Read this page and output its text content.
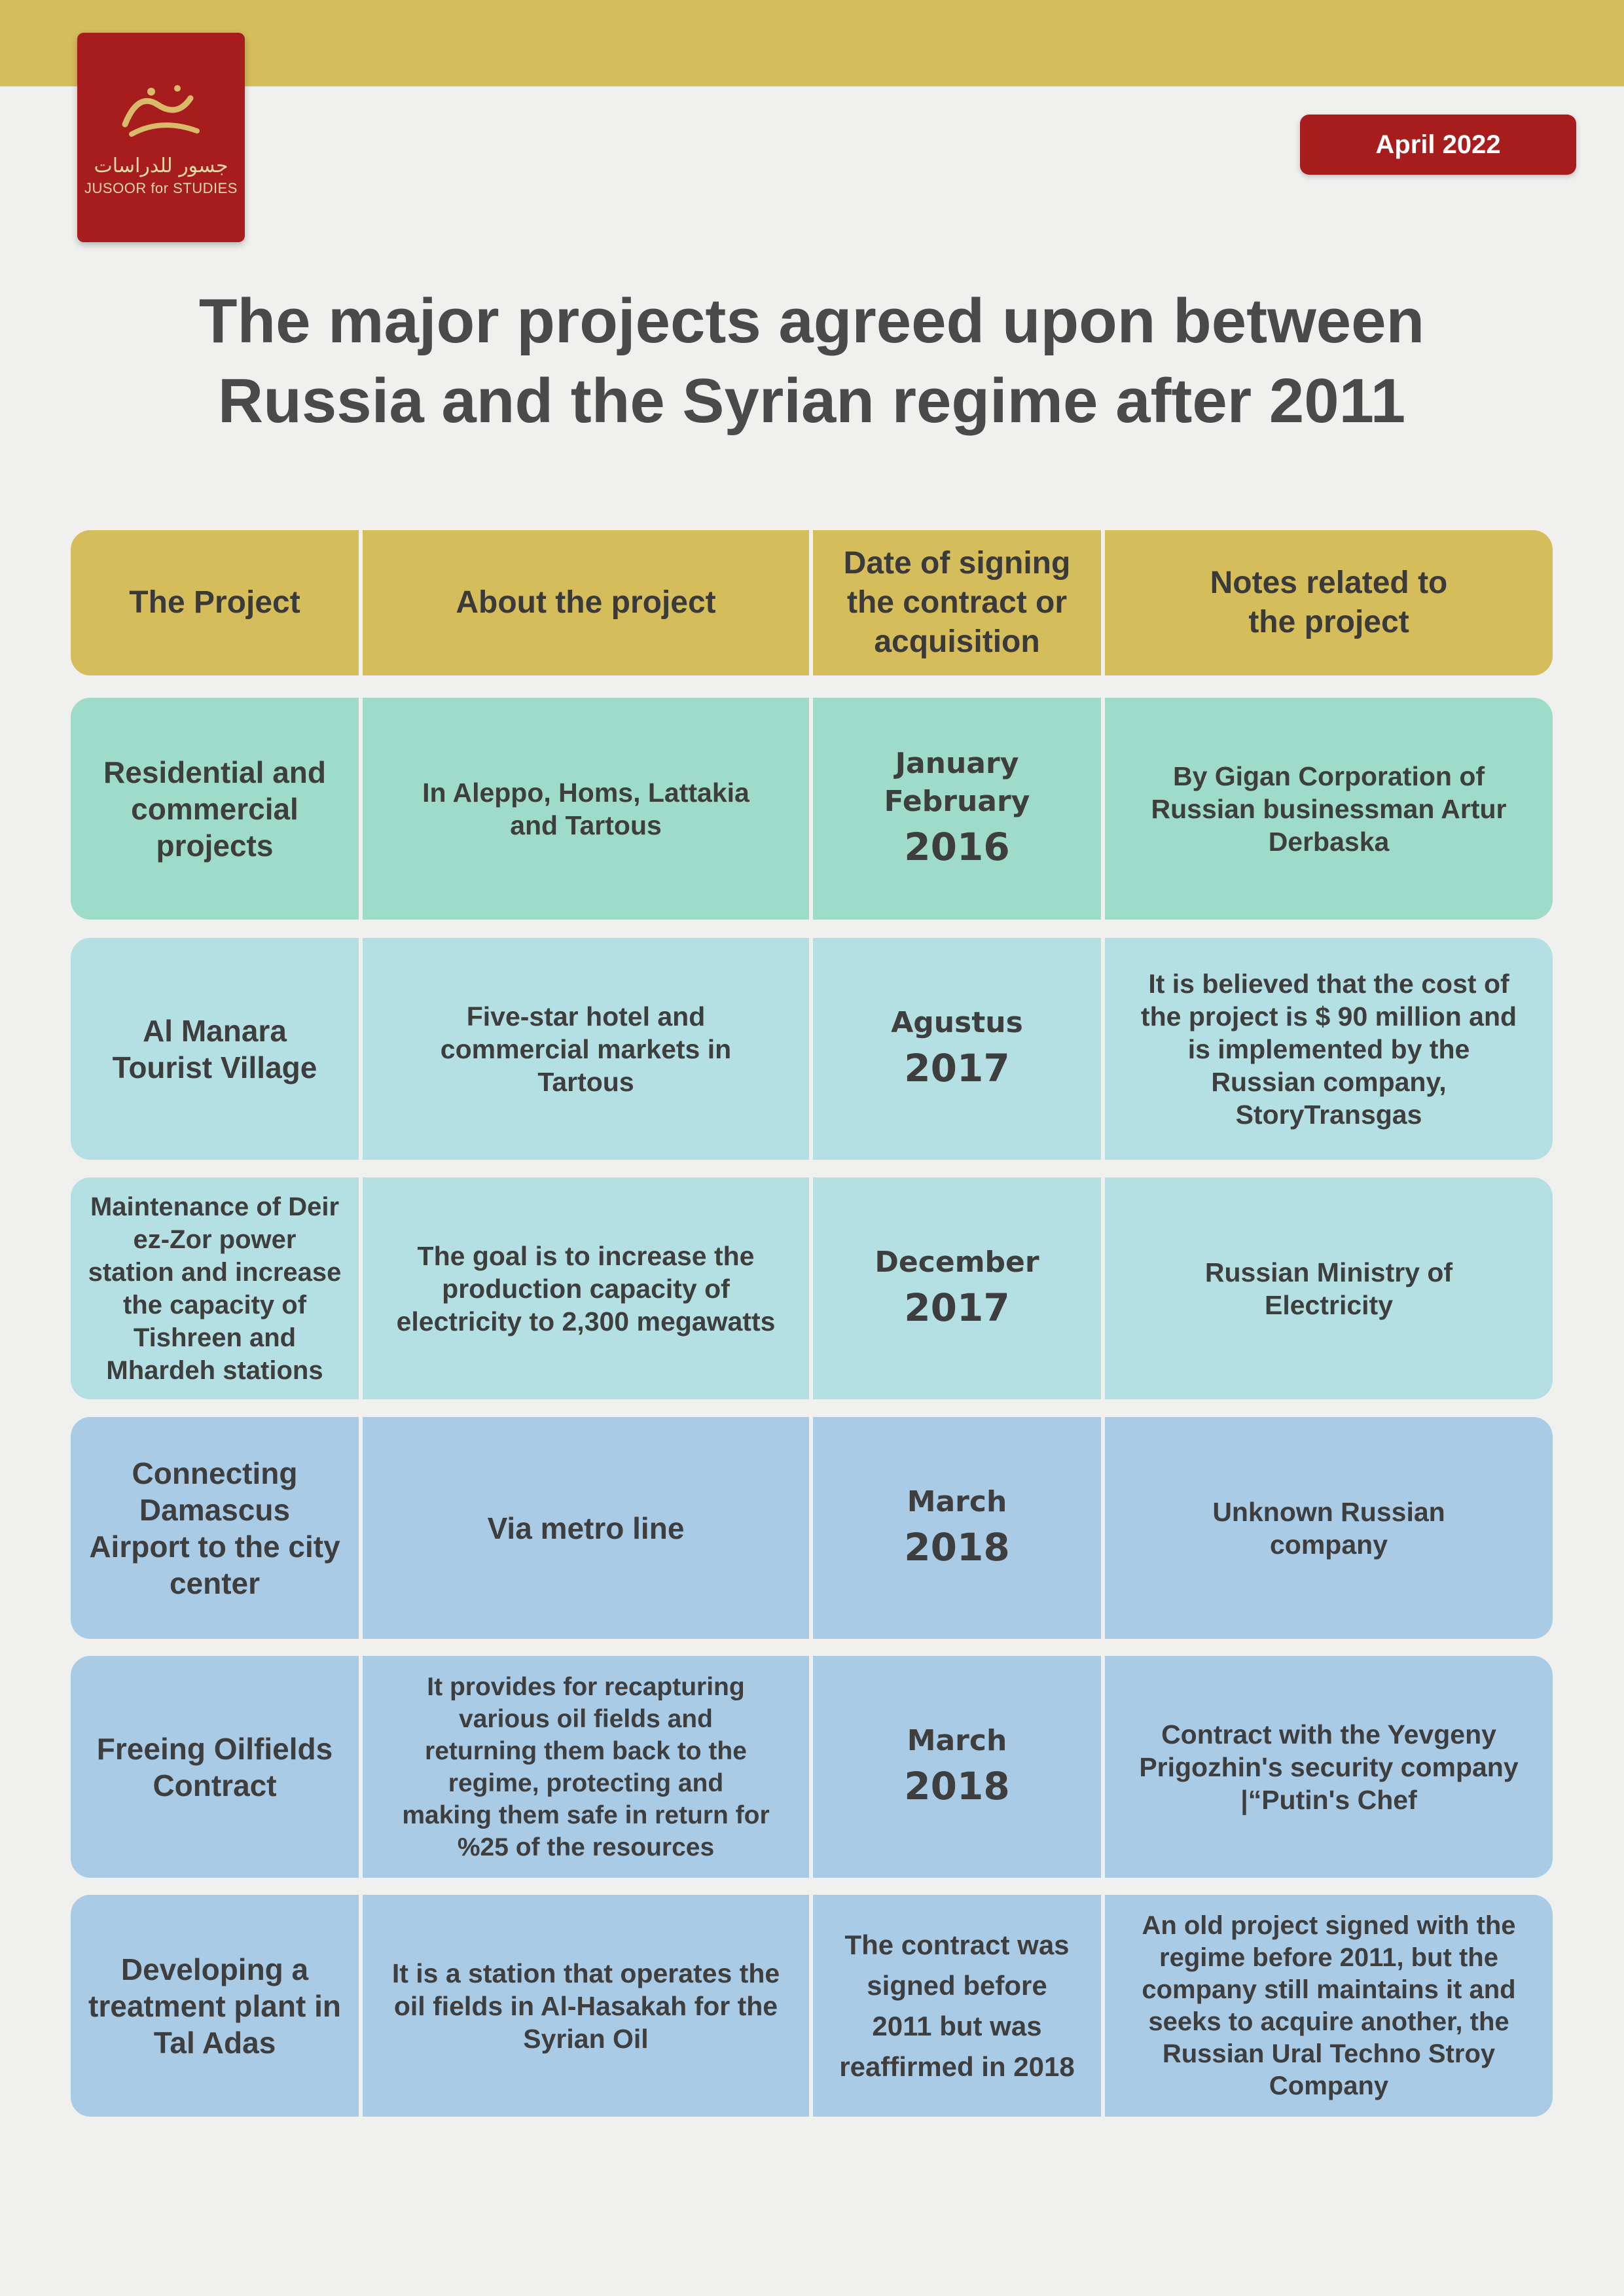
جسور للدراسات
JUSOOR for STUDIES
April 2022
The major projects agreed upon between
Russia and the Syrian regime after 2011
The Project	About the project
Date of signing
the contract or
acquisition
Notes related to
the project
Residential and
commercial
projects
In Aleppo, Homs, Lattakia
and Tartous
January
February
2016
By Gigan Corporation of
Russian businessman Artur
Derbaska
Al Manara
Tourist Village
Five-star hotel and
commercial markets in
Tartous
Agustus
2017
It is believed that the cost of
the project is $ 90 million and
is implemented by the
Russian company,
StoryTransgas
Maintenance of Deir
ez-Zor power
station and increase
the capacity of
Tishreen and
Mhardeh stations
The goal is to increase the
production capacity of
electricity to 2,300 megawatts
December
2017
Russian Ministry of
Electricity
Connecting
Damascus
Airport to the city
center
Via metro line
March
2018
Unknown Russian
company
Freeing Oilfields
Contract
It provides for recapturing
various oil fields and
returning them back to the
regime, protecting and
making them safe in return for
%25 of the resources
March
2018
Contract with the Yevgeny
Prigozhin's security company
|“Putin's Chef
Developing a
treatment plant in
Tal Adas
It is a station that operates the
oil fields in Al-Hasakah for the
Syrian Oil
The contract was
signed before
2011 but was
reaffirmed in 2018
An old project signed with the
regime before 2011, but the
company still maintains it and
seeks to acquire another, the
Russian Ural Techno Stroy
Company
